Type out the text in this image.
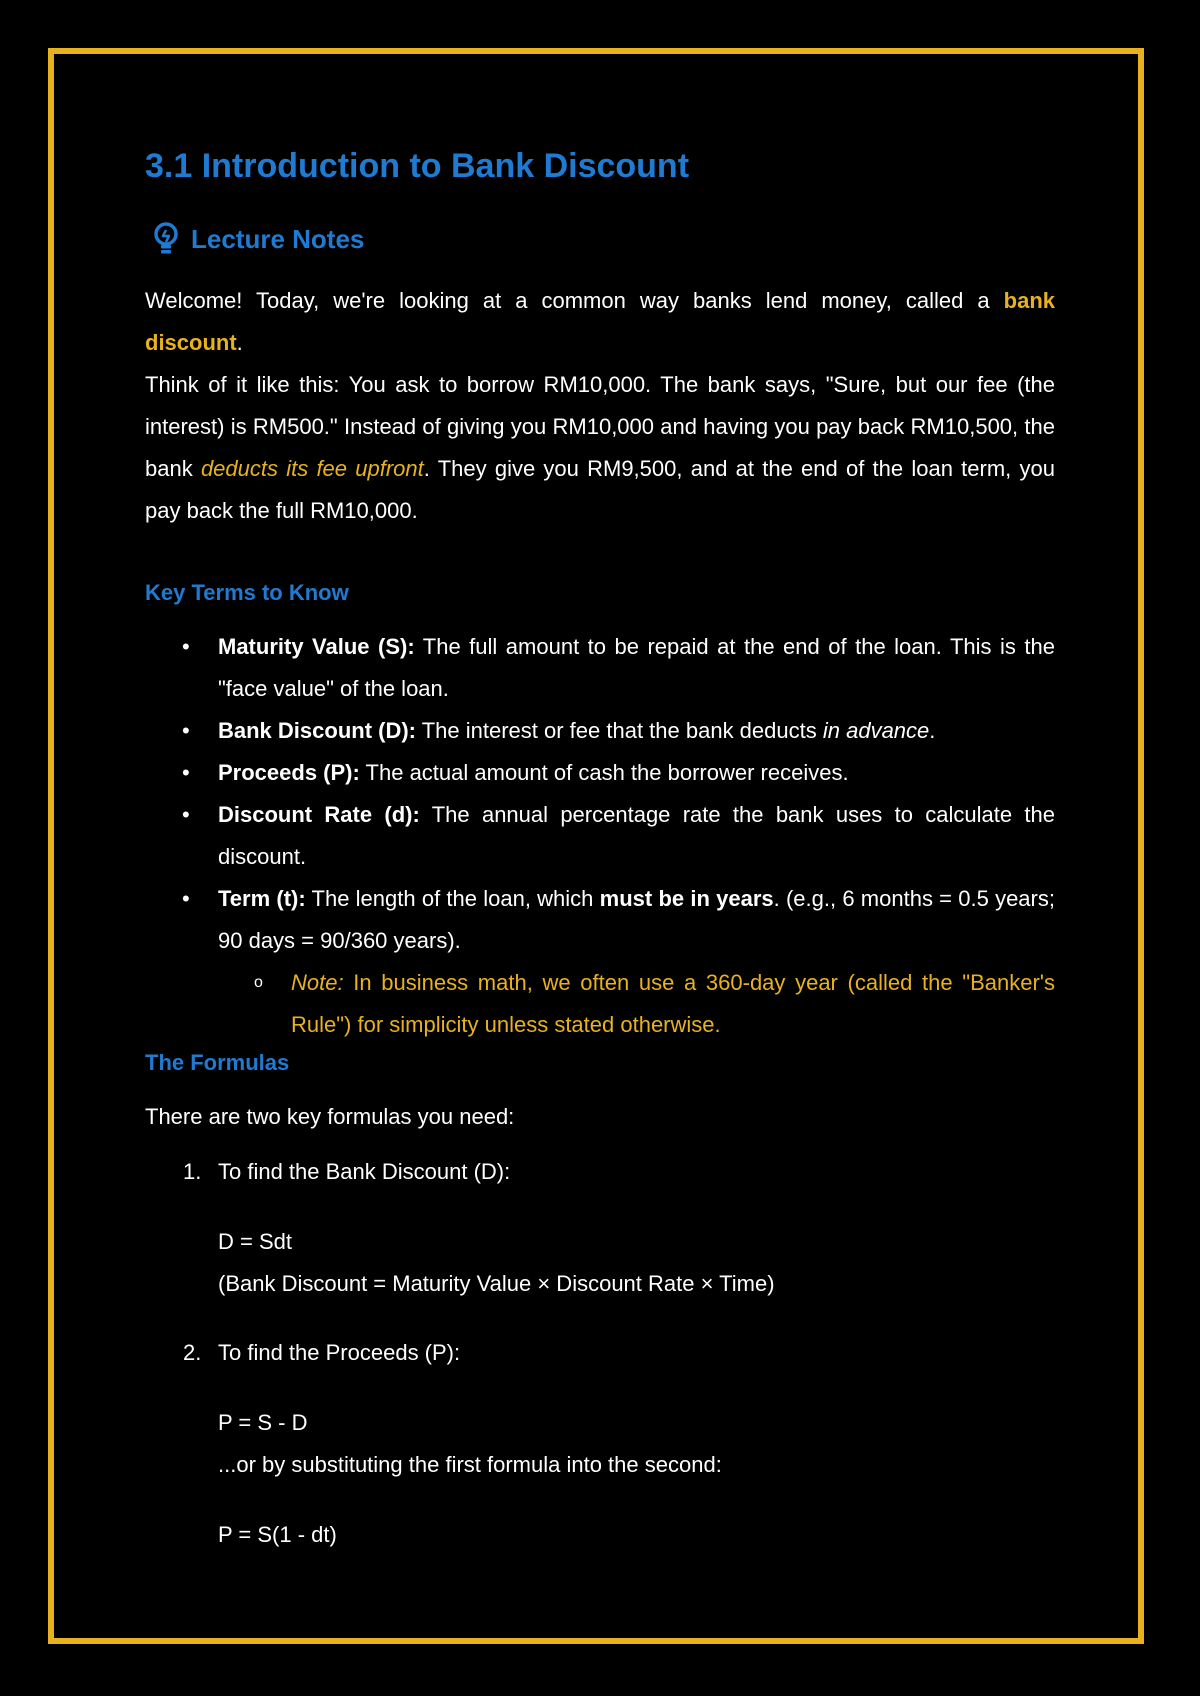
3.1 Introduction to Bank Discount
Lecture Notes

Welcome! Today, we're looking at a common way banks lend money, called a bank discount.

Think of it like this: You ask to borrow RM10,000. The bank says, "Sure, but our fee (the interest) is RM500." Instead of giving you RM10,000 and having you pay back RM10,500, the bank deducts its fee upfront. They give you RM9,500, and at the end of the loan term, you pay back the full RM10,000.

Key Terms to Know
• Maturity Value (S): The full amount to be repaid at the end of the loan. This is the "face value" of the loan.
• Bank Discount (D): The interest or fee that the bank deducts in advance.
• Proceeds (P): The actual amount of cash the borrower receives.
• Discount Rate (d): The annual percentage rate the bank uses to calculate the discount.
• Term (t): The length of the loan, which must be in years. (e.g., 6 months = 0.5 years; 90 days = 90/360 years).
o Note: In business math, we often use a 360-day year (called the "Banker's Rule") for simplicity unless stated otherwise.
The Formulas

There are two key formulas you need:

1. To find the Bank Discount (D):
D = Sdt
(Bank Discount = Maturity Value × Discount Rate × Time)
2. To find the Proceeds (P):
P = S - D
...or by substituting the first formula into the second:
P = S(1 - dt)
